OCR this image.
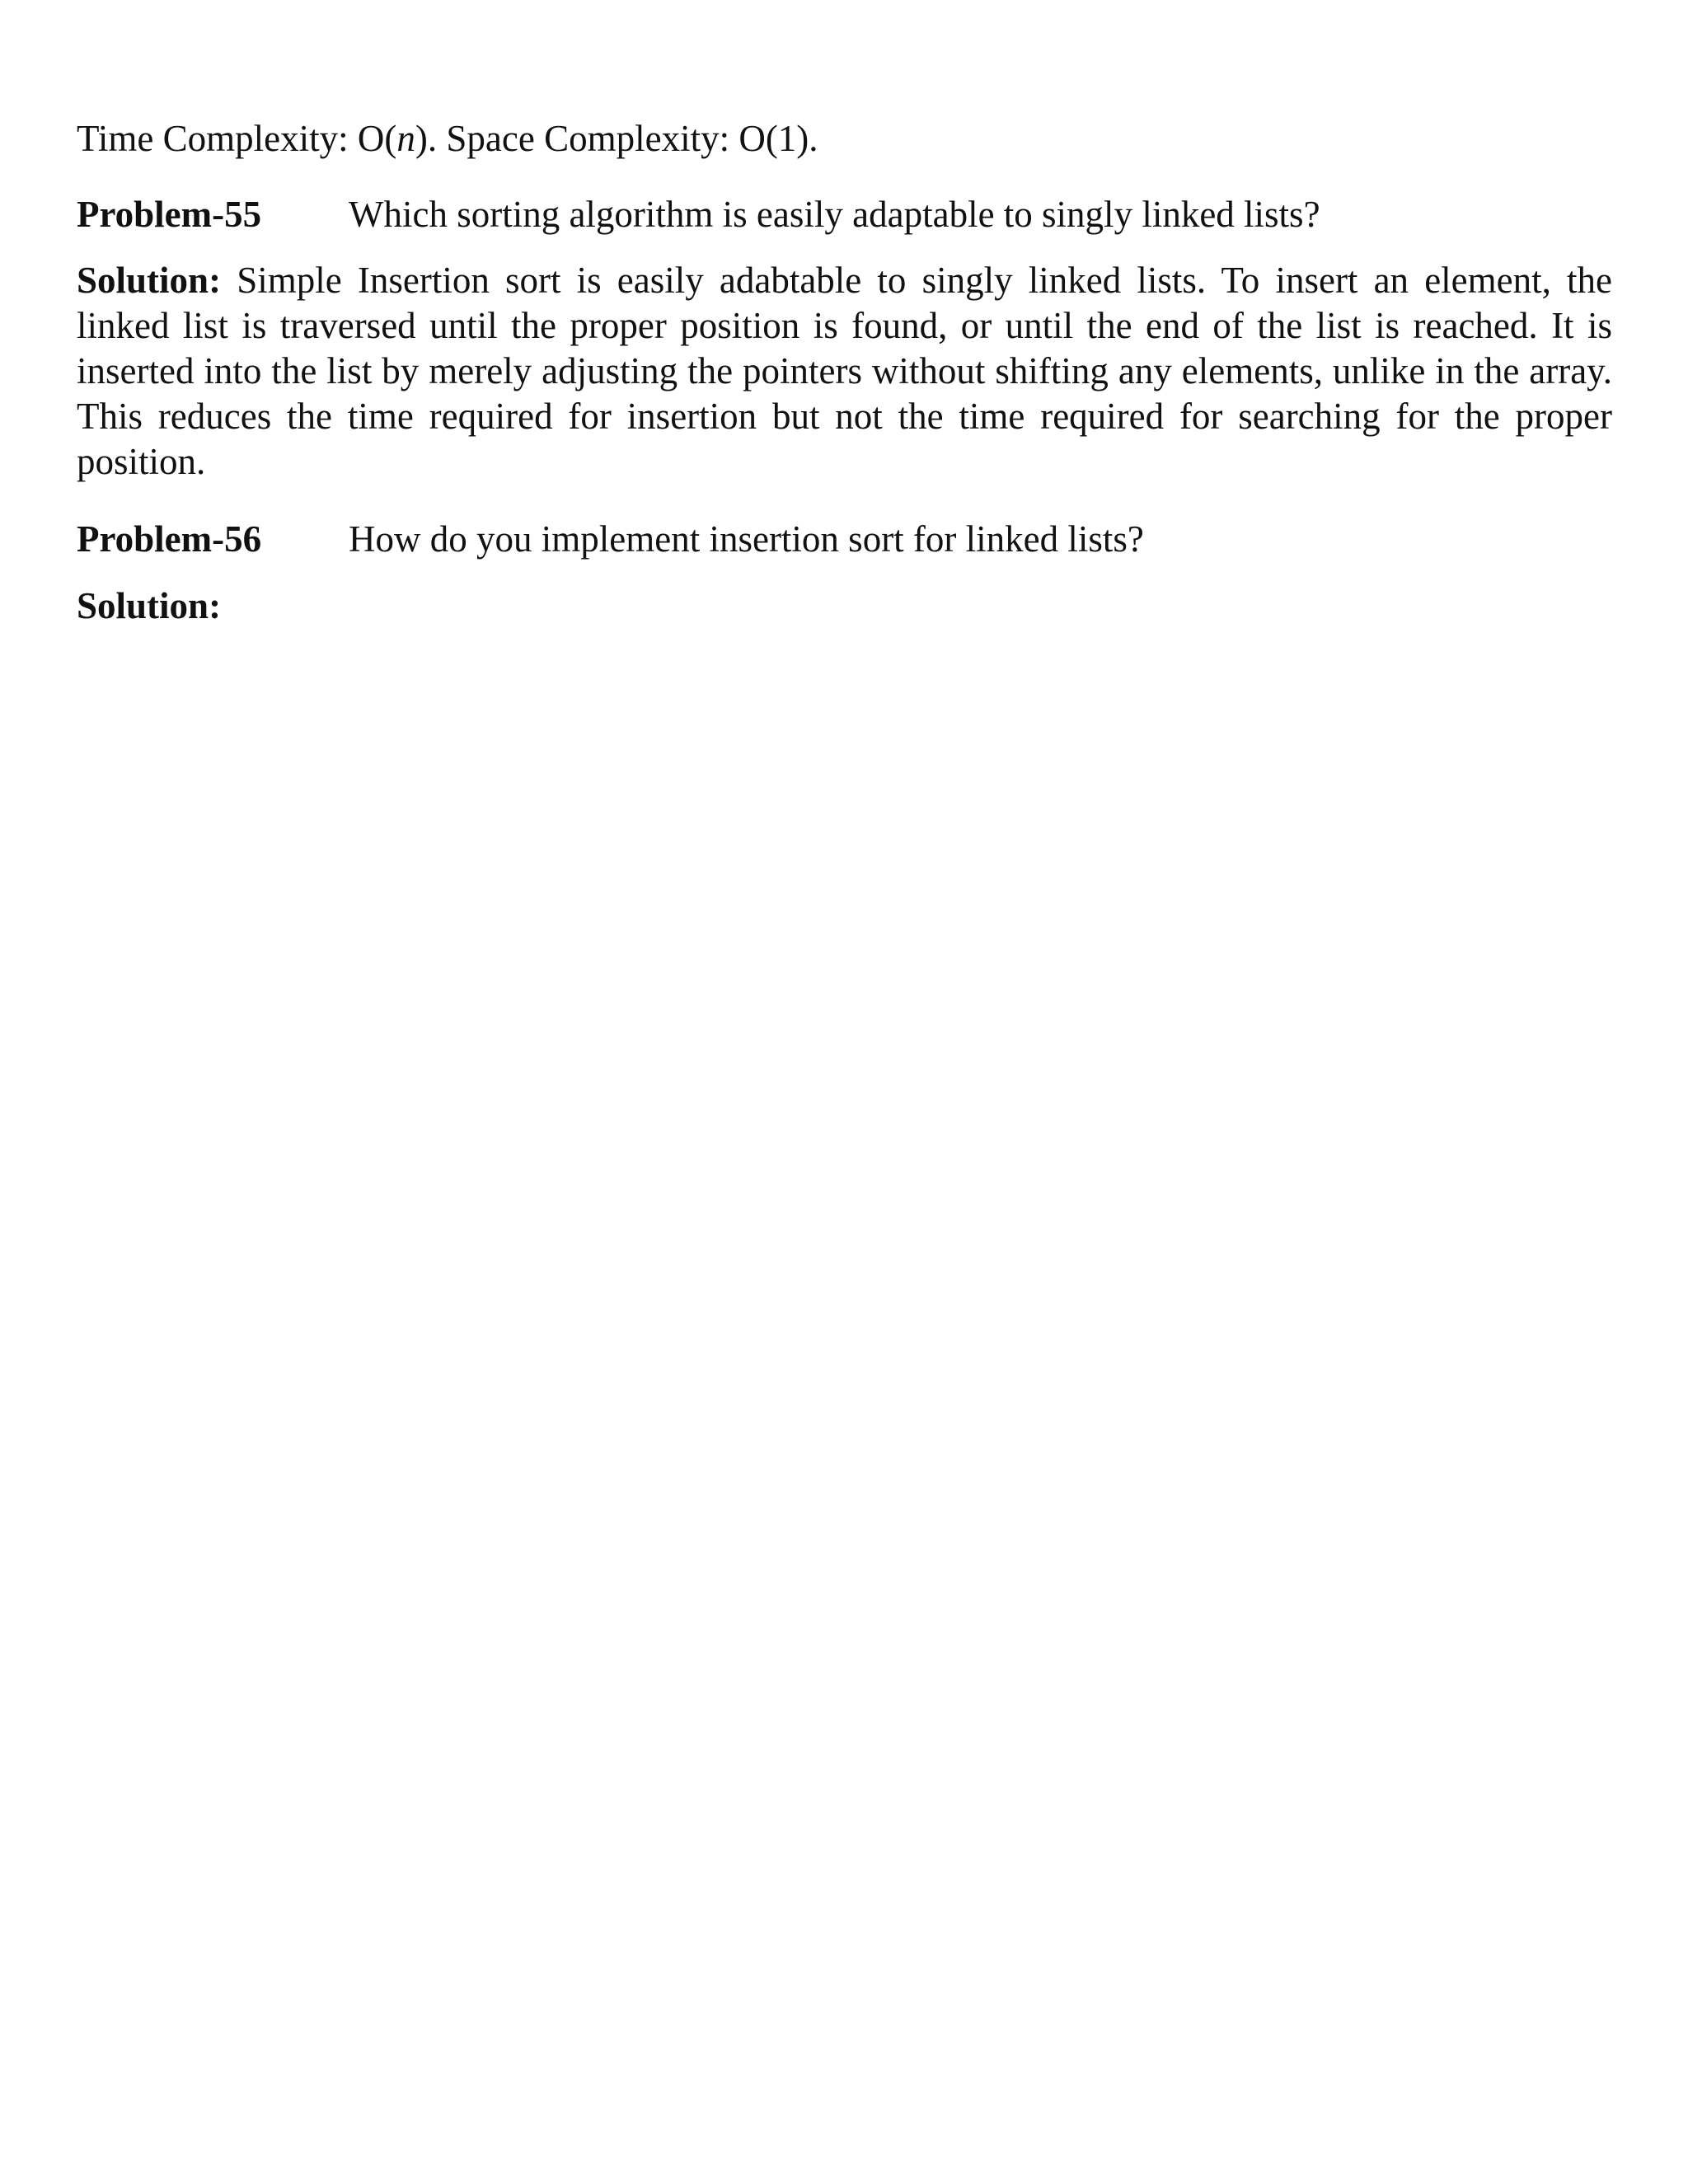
Time Complexity: O(n). Space Complexity: O(1).

Problem-55	Which sorting algorithm is easily adaptable to singly linked lists?

Solution: Simple Insertion sort is easily adabtable to singly linked lists. To insert an element, the linked list is traversed until the proper position is found, or until the end of the list is reached. It is inserted into the list by merely adjusting the pointers without shifting any elements, unlike in the array. This reduces the time required for insertion but not the time required for searching for the proper position.

Problem-56	How do you implement insertion sort for linked lists?

Solution:
